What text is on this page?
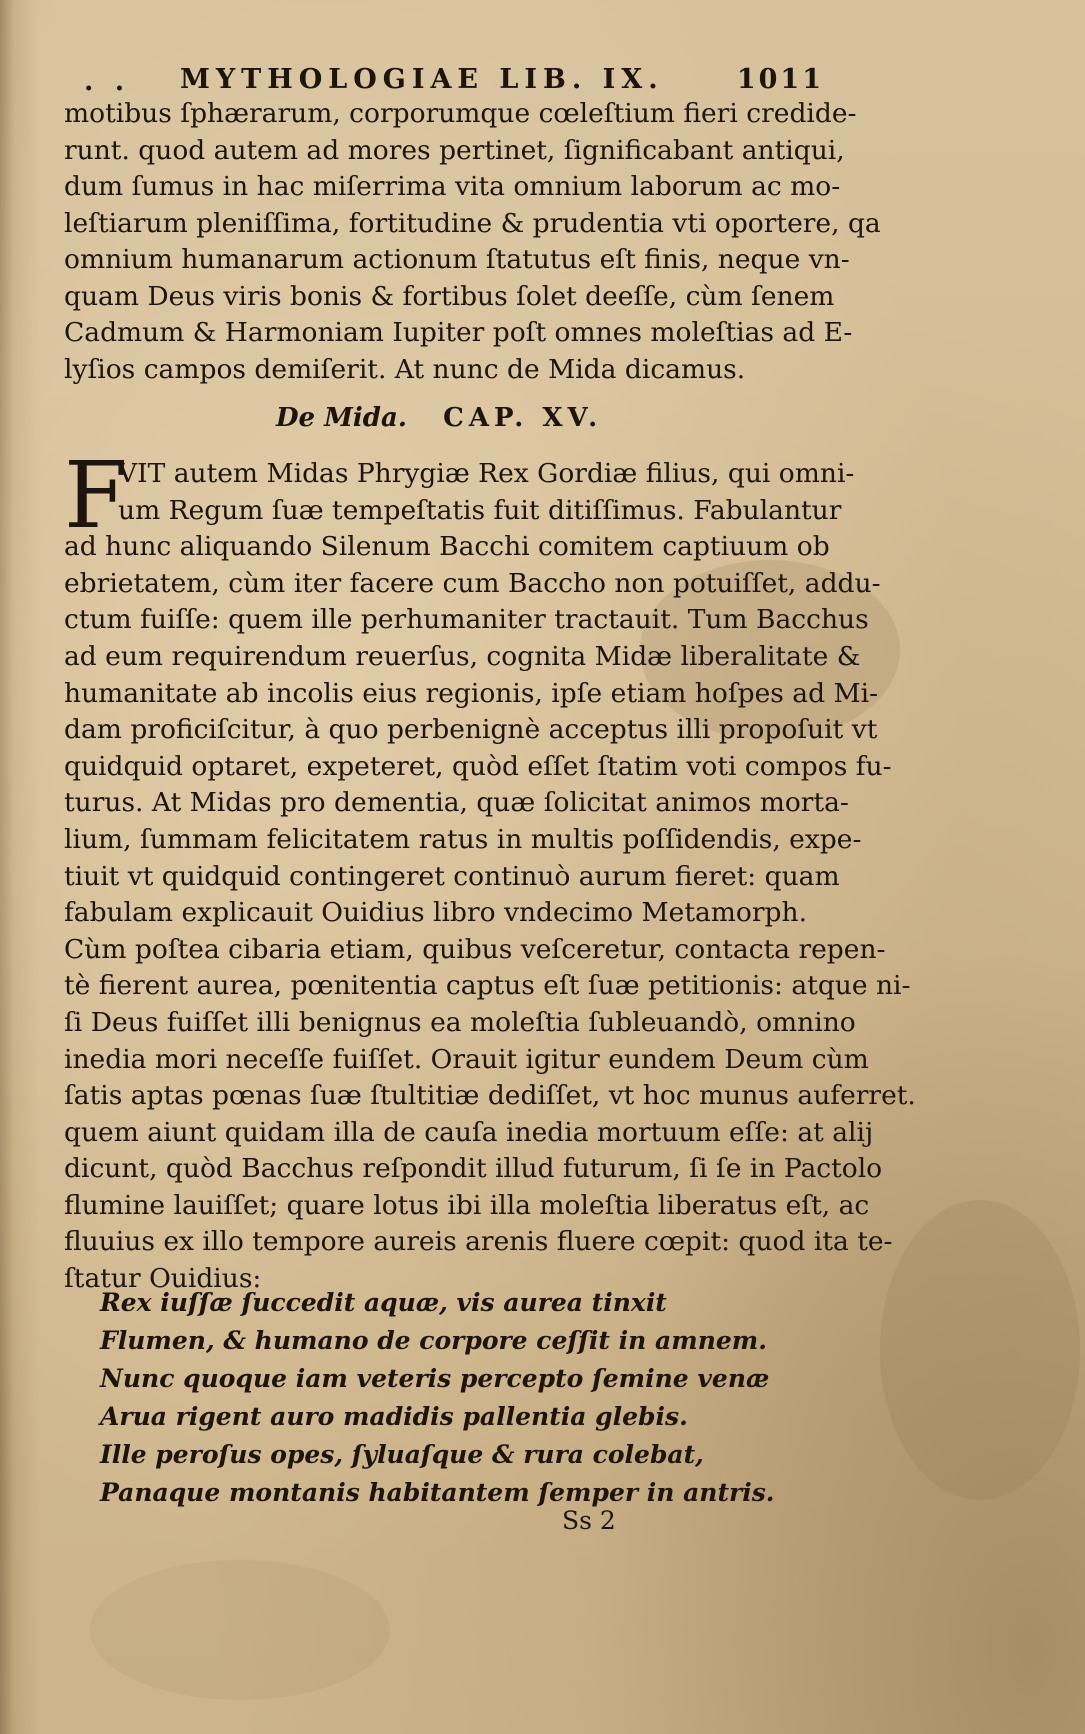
. . MYTHOLOGIAE LIB. IX.	1011
motibus ſphærarum, corporumque cœleſtium fieri credide-
runt. quod autem ad mores pertinet, ſignificabant antiqui,
dum ſumus in hac miſerrima vita omnium laborum ac mo-
leſtiarum pleniſſima, fortitudine & prudentia vti oportere, qa
omnium humanarum actionum ſtatutus eſt finis, neque vn-
quam Deus viris bonis & fortibus ſolet deeſſe, cùm ſenem
Cadmum & Harmoniam Iupiter poſt omnes moleſtias ad E-
lyſios campos demiſerit. At nunc de Mida dicamus.
De Mida. CAP. XV.
F
VIT autem Midas Phrygiæ Rex Gordiæ filius, qui omni-
um Regum ſuæ tempeſtatis fuit ditiſſimus. Fabulantur
ad hunc aliquando Silenum Bacchi comitem captiuum ob
ebrietatem, cùm iter facere cum Baccho non potuiſſet, addu-
ctum fuiſſe: quem ille perhumaniter tractauit. Tum Bacchus
ad eum requirendum reuerſus, cognita Midæ liberalitate &
humanitate ab incolis eius regionis, ipſe etiam hoſpes ad Mi-
dam proficiſcitur, à quo perbenignè acceptus illi propoſuit vt
quidquid optaret, expeteret, quòd eſſet ſtatim voti compos fu-
turus. At Midas pro dementia, quæ ſolicitat animos morta-
lium, ſummam felicitatem ratus in multis poſſidendis, expe-
tiuit vt quidquid contingeret continuò aurum fieret: quam
fabulam explicauit Ouidius libro vndecimo Metamorph.
Cùm poſtea cibaria etiam, quibus veſceretur, contacta repen-
tè fierent aurea, pœnitentia captus eſt ſuæ petitionis: atque ni-
ſi Deus fuiſſet illi benignus ea moleſtia ſubleuandò, omnino
inedia mori neceſſe fuiſſet. Orauit igitur eundem Deum cùm
ſatis aptas pœnas ſuæ ſtultitiæ dediſſet, vt hoc munus auferret.
quem aiunt quidam illa de cauſa inedia mortuum eſſe: at alij
dicunt, quòd Bacchus reſpondit illud futurum, ſi ſe in Pactolo
flumine lauiſſet; quare lotus ibi illa moleſtia liberatus eſt, ac
fluuius ex illo tempore aureis arenis fluere cœpit: quod ita te-
ſtatur Ouidius:
Rex iuſſæ ſuccedit aquæ, vis aurea tinxit
Flumen, & humano de corpore ceſſit in amnem.
Nunc quoque iam veteris percepto ſemine venæ
Arua rigent auro madidis pallentia glebis.
Ille peroſus opes, ſyluaſque & rura colebat,
Panaque montanis habitantem ſemper in antris.
Ss 2
